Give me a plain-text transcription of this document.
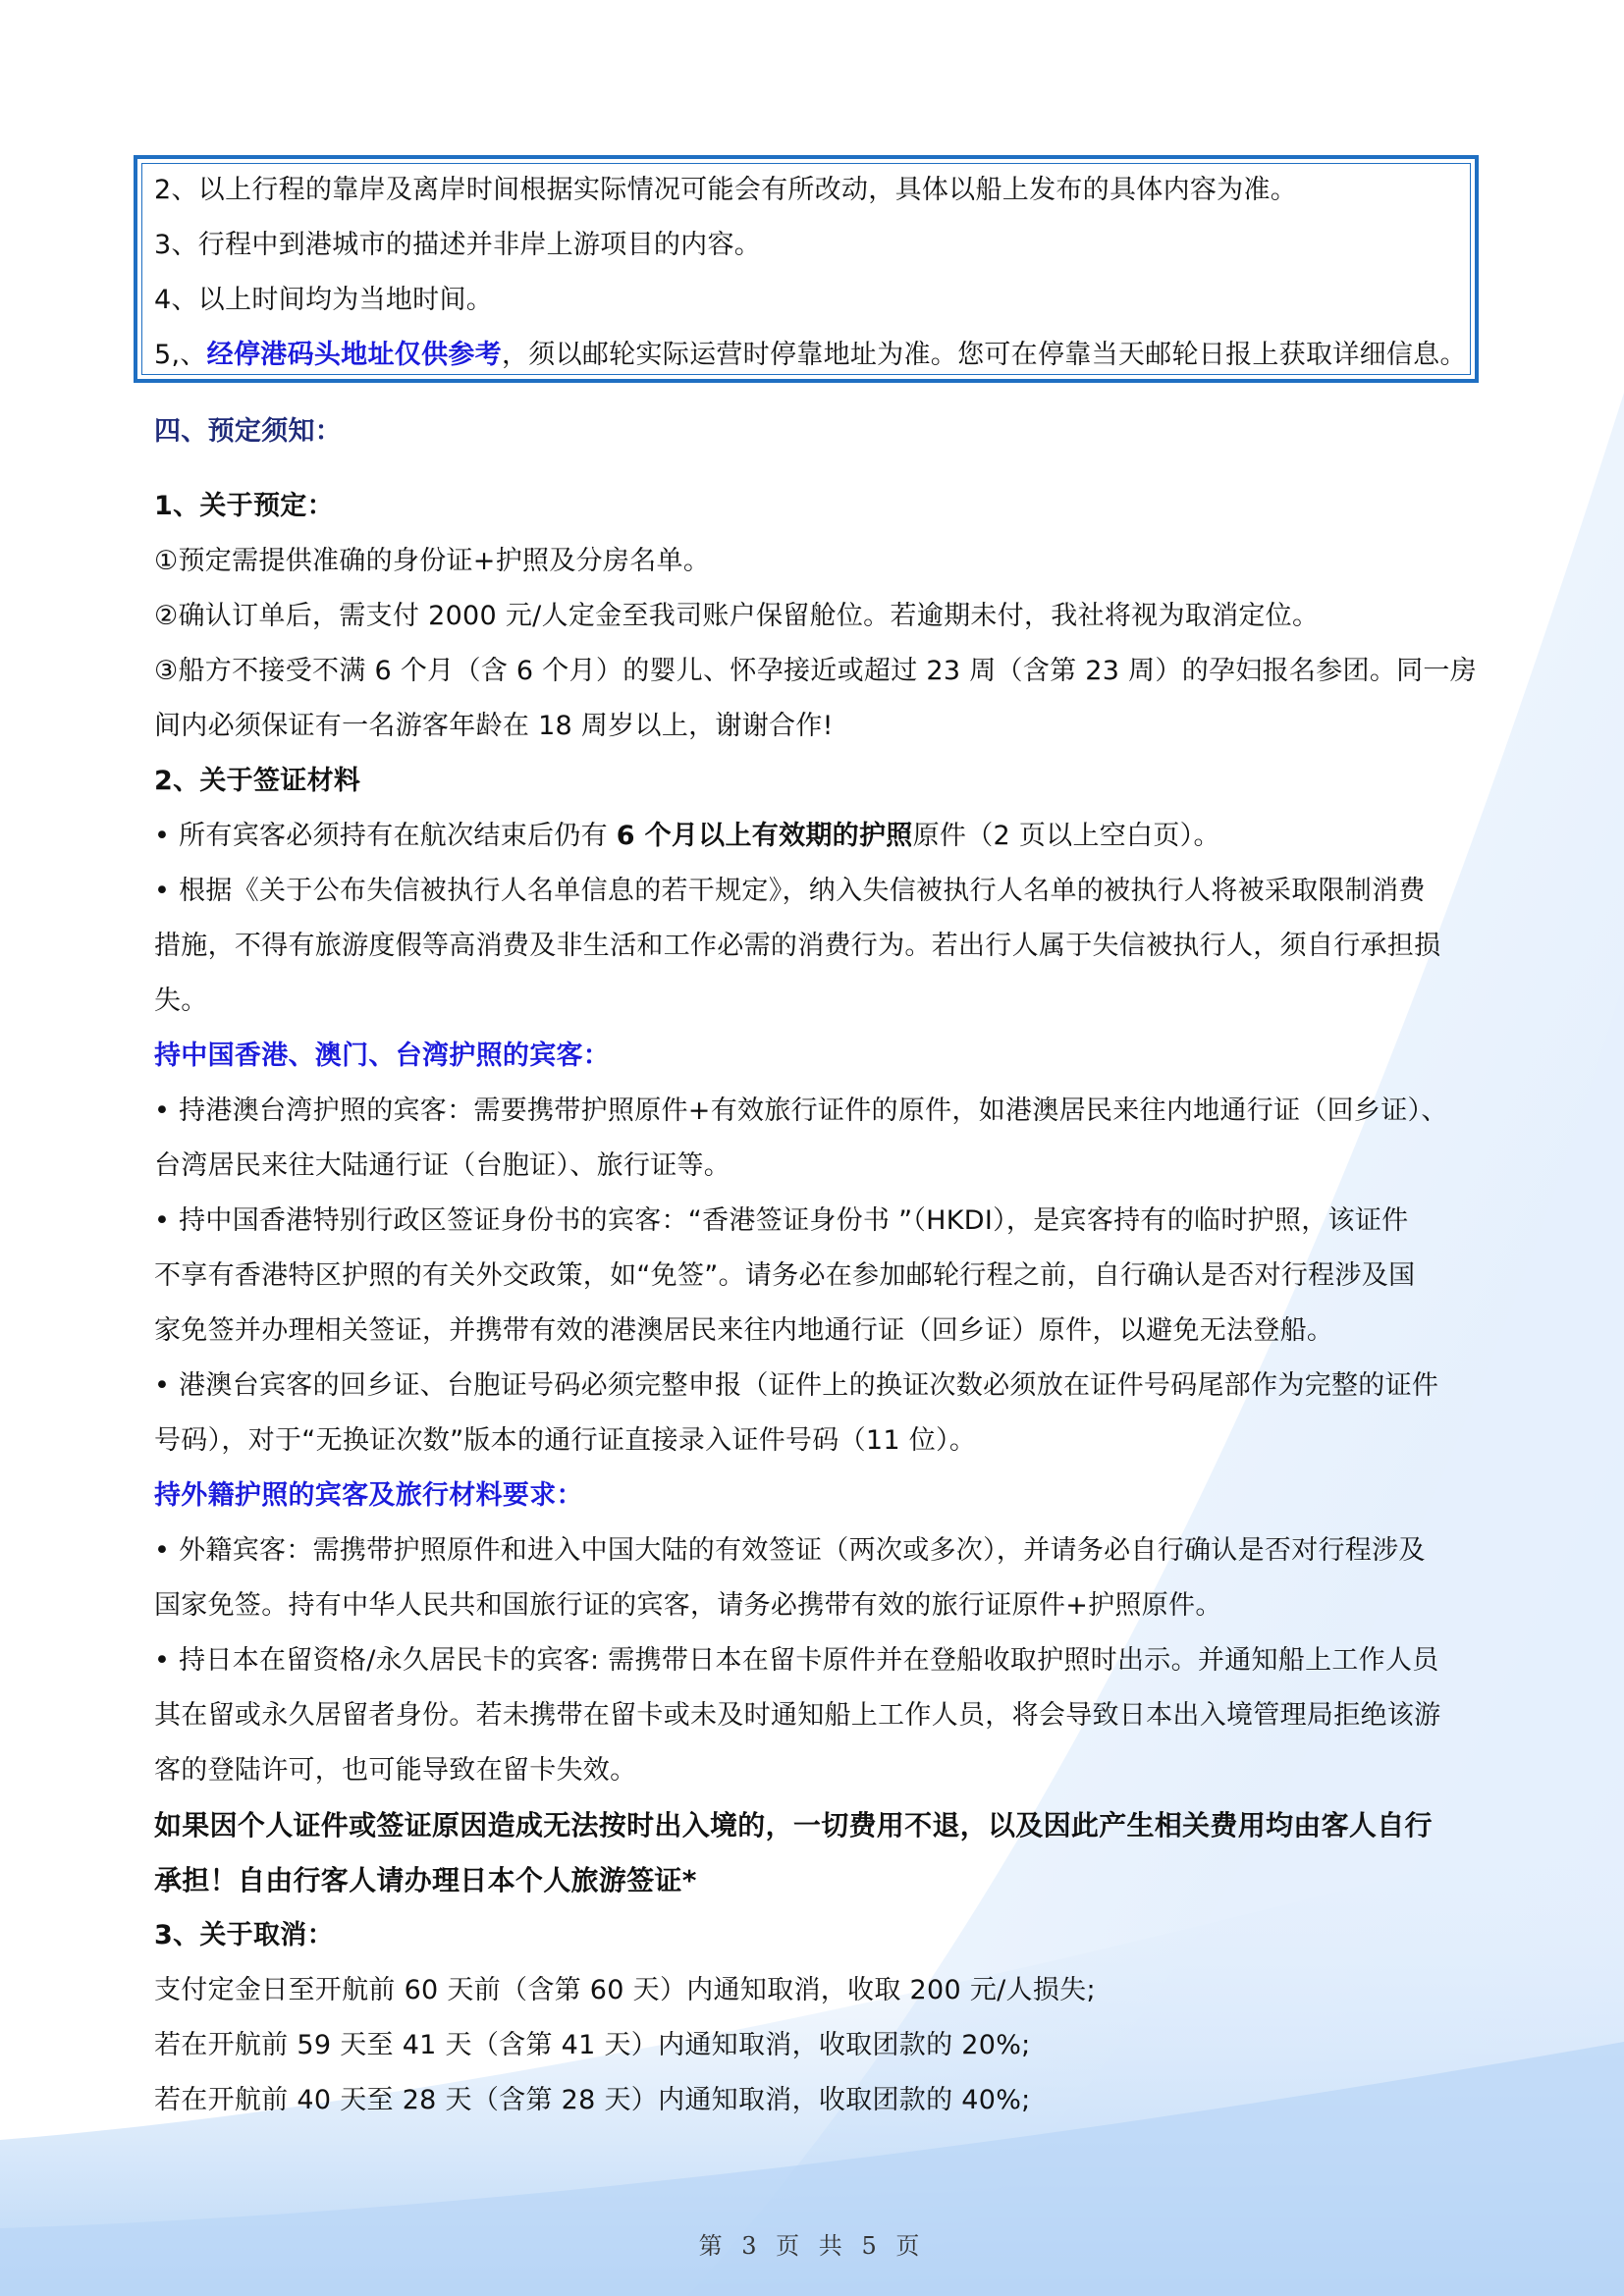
2、以上行程的靠岸及离岸时间根据实际情况可能会有所改动，具体以船上发布的具体内容为准。
3、行程中到港城市的描述并非岸上游项目的内容。
4、以上时间均为当地时间。
5,、经停港码头地址仅供参考，须以邮轮实际运营时停靠地址为准。您可在停靠当天邮轮日报上获取详细信息。
四、预定须知：
1、关于预定：
①预定需提供准确的身份证+护照及分房名单。
②确认订单后，需支付 2000 元/人定金至我司账户保留舱位。若逾期未付，我社将视为取消定位。
③船方不接受不满 6 个月（含 6 个月）的婴儿、怀孕接近或超过 23 周（含第 23 周）的孕妇报名参团。同一房
间内必须保证有一名游客年龄在 18 周岁以上，谢谢合作!
2、关于签证材料
• 所有宾客必须持有在航次结束后仍有 6 个月以上有效期的护照原件（2 页以上空白页）。
• 根据《关于公布失信被执行人名单信息的若干规定》，纳入失信被执行人名单的被执行人将被采取限制消费
措施，不得有旅游度假等高消费及非生活和工作必需的消费行为。若出行人属于失信被执行人，须自行承担损
失。
持中国香港、澳门、台湾护照的宾客：
• 持港澳台湾护照的宾客：需要携带护照原件+有效旅行证件的原件，如港澳居民来往内地通行证（回乡证）、
台湾居民来往大陆通行证（台胞证）、旅行证等。
• 持中国香港特别行政区签证身份书的宾客：“香港签证身份书 ”（HKDI），是宾客持有的临时护照，该证件
不享有香港特区护照的有关外交政策，如“免签”。请务必在参加邮轮行程之前，自行确认是否对行程涉及国
家免签并办理相关签证，并携带有效的港澳居民来往内地通行证（回乡证）原件，以避免无法登船。
• 港澳台宾客的回乡证、台胞证号码必须完整申报（证件上的换证次数必须放在证件号码尾部作为完整的证件
号码），对于“无换证次数”版本的通行证直接录入证件号码（11 位）。
持外籍护照的宾客及旅行材料要求：
• 外籍宾客：需携带护照原件和进入中国大陆的有效签证（两次或多次），并请务必自行确认是否对行程涉及
国家免签。持有中华人民共和国旅行证的宾客，请务必携带有效的旅行证原件+护照原件。
• 持日本在留资格/永久居民卡的宾客: 需携带日本在留卡原件并在登船收取护照时出示。并通知船上工作人员
其在留或永久居留者身份。若未携带在留卡或未及时通知船上工作人员，将会导致日本出入境管理局拒绝该游
客的登陆许可，也可能导致在留卡失效。
如果因个人证件或签证原因造成无法按时出入境的，一切费用不退，以及因此产生相关费用均由客人自行
承担！自由行客人请办理日本个人旅游签证*
3、关于取消：
支付定金日至开航前 60 天前（含第 60 天）内通知取消，收取 200 元/人损失;
若在开航前 59 天至 41 天（含第 41 天）内通知取消，收取团款的 20%;
若在开航前 40 天至 28 天（含第 28 天）内通知取消，收取团款的 40%;
第 3 页 共 5 页
